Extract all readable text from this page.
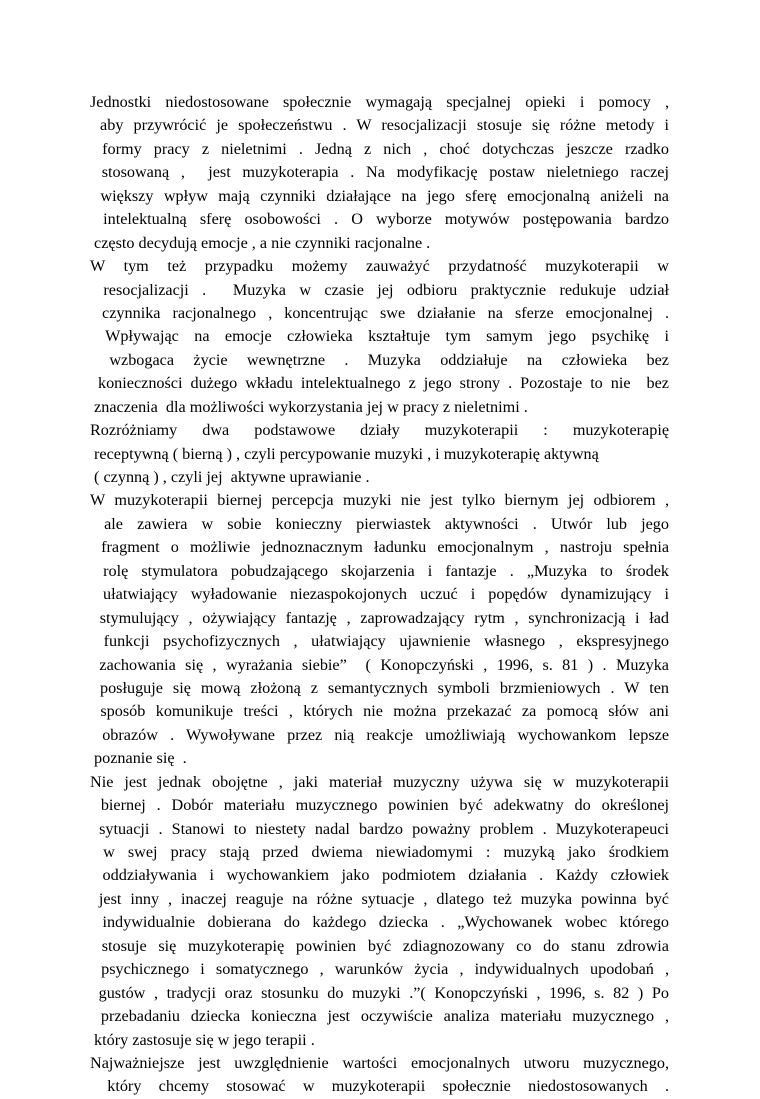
Jednostki niedostosowane społecznie wymagają specjalnej opieki i pomocy ,
aby przywrócić je społeczeństwu . W resocjalizacji stosuje się różne metody i
formy pracy z nieletnimi . Jedną z nich , choć dotychczas jeszcze rzadko
stosowaną ,  jest muzykoterapia . Na modyfikację postaw nieletniego raczej
większy wpływ mają czynniki działające na jego sferę emocjonalną aniżeli na
intelektualną sferę osobowości . O wyborze motywów postępowania bardzo
często decydują emocje , a nie czynniki racjonalne .
W tym też przypadku możemy zauważyć przydatność muzykoterapii w
resocjalizacji .  Muzyka w czasie jej odbioru praktycznie redukuje udział
czynnika racjonalnego , koncentrując swe działanie na sferze emocjonalnej .
Wpływając na emocje człowieka kształtuje tym samym jego psychikę i
wzbogaca życie wewnętrzne . Muzyka oddziałuje na człowieka bez
konieczności dużego wkładu intelektualnego z jego strony . Pozostaje to nie  bez
znaczenia  dla możliwości wykorzystania jej w pracy z nieletnimi .
Rozróżniamy dwa podstawowe działy muzykoterapii : muzykoterapię
receptywną ( bierną ) , czyli percypowanie muzyki , i muzykoterapię aktywną
( czynną ) , czyli jej  aktywne uprawianie .
W muzykoterapii biernej percepcja muzyki nie jest tylko biernym jej odbiorem ,
ale zawiera w sobie konieczny pierwiastek aktywności . Utwór lub jego
fragment o możliwie jednoznacznym ładunku emocjonalnym , nastroju spełnia
rolę stymulatora pobudzającego skojarzenia i fantazje . „Muzyka to środek
ułatwiający wyładowanie niezaspokojonych uczuć i popędów dynamizujący i
stymulujący , ożywiający fantazję , zaprowadzający rytm , synchronizacją i ład
funkcji psychofizycznych , ułatwiający ujawnienie własnego , ekspresyjnego
zachowania się , wyrażania siebie”  ( Konopczyński , 1996, s. 81 ) . Muzyka
posługuje się mową złożoną z semantycznych symboli brzmieniowych . W ten
sposób komunikuje treści , których nie można przekazać za pomocą słów ani
obrazów . Wywoływane przez nią reakcje umożliwiają wychowankom lepsze
poznanie się  .
Nie jest jednak obojętne , jaki materiał muzyczny używa się w muzykoterapii
biernej . Dobór materiału muzycznego powinien być adekwatny do określonej
sytuacji . Stanowi to niestety nadal bardzo poważny problem . Muzykoterapeuci
w swej pracy stają przed dwiema niewiadomymi : muzyką jako środkiem
oddziaływania i wychowankiem jako podmiotem działania . Każdy człowiek
jest inny , inaczej reaguje na różne sytuacje , dlatego też muzyka powinna być
indywidualnie dobierana do każdego dziecka . „Wychowanek wobec którego
stosuje się muzykoterapię powinien być zdiagnozowany co do stanu zdrowia
psychicznego i somatycznego , warunków życia , indywidualnych upodobań ,
gustów , tradycji oraz stosunku do muzyki .”( Konopczyński , 1996, s. 82 ) Po
przebadaniu dziecka konieczna jest oczywiście analiza materiału muzycznego ,
który zastosuje się w jego terapii .
Najważniejsze jest uwzględnienie wartości emocjonalnych utworu muzycznego,
który chcemy stosować w muzykoterapii społecznie niedostosowanych .
